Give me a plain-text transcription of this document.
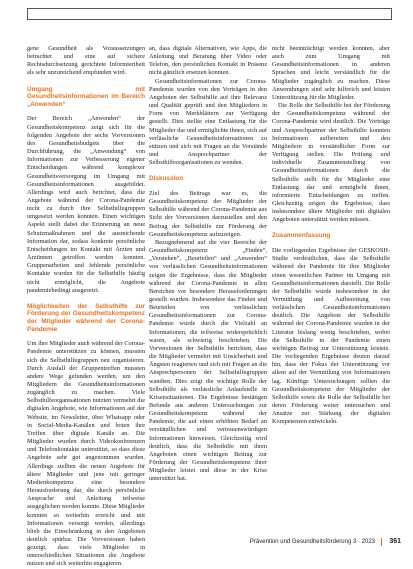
gene Gesundheit als Voraussetzungen betrachtet und eine auf sichere Rechtsdurchsetzung gerichtete Informiertheit als sehr unzureichend empfunden wird.

Umgang mit Gesundheitsinformationen im Bereich „Anwenden“

Der Bereich „Anwenden“ der Gesundheitskompetenz zeigt sich für die folgenden Angebote der sechs Vorversionen des Gesundheitsbudgets über die Durchführung, die „Anwendung“ von Informationen zur Verbesserung eigener Entscheidungen während komplexer Gesundheitsversorgung im Umgang mit Gesundheitsinformationen ausgebildet. Allerdings wird auch berichtet, dass die Angebote während der Corona-Pandemie nicht zu durch ihre Selbsthilfegruppen umgesetzt werden konnten. Einen wichtigen Aspekt stellt dabei die Erinnerung an neue Schutzmaßnahmen und die ausreichende Information dar, sodass konkrete persönliche Entscheidungen im Kontakt mit Ärzten und Ärztinnen getroffen werden konnten. Gruppenarbeiten und fehlende persönliche Kontakte wurden für die Selbsthilfe häufig nicht ermöglicht, die Angebote pandemiebedingt ausgesetzt.

Möglichkeiten der Selbsthilfe zur Förderung der Gesundheitskompetenz der Mitglieder während der Corona-Pandemie

Um ihre Mitglieder auch während der Corona-Pandemie unterstützen zu können, mussten sich die Selbsthilfegruppen neu organisieren. Durch Ausfall der Gruppentreffen mussten andere Wege gefunden werden, um den Mitgliedern die Gesundheitsinformationen zugänglich zu machen. Viele Selbsthilfeorganisationen nutzten vermehrt die digitalen Angebote, wie Informationen auf der Website, im Newsletter, über Whatsapp oder in Social-Media-Kanälen und boten ihre Treffen über digitale Kanäle an. Die Mitglieder wurden durch Videokonferenzen und Telefonkontakte unterstützt, so dass diese Angebote sehr gut angenommen wurden. Allerdings stellten die neuen Angebote für ältere Mitglieder und jene mit geringer Medienkompetenz eine besondere Herausforderung dar, die durch persönliche Ansprache und Anleitung teilweise ausgeglichen werden konnte. Diese Mitglieder konnten so weiterhin erreicht und mit Informationen versorgt werden, allerdings blieb die Einschränkung in den Angeboten deutlich spürbar. Die Vorversionen haben gezeigt, dass viele Mitglieder in unterschiedlichen Situationen die Angebote nutzen und sich weiterhin engagieren.

an, dass digitale Alternativen, wie Apps, die Anleitung und Beratung über Video oder Telefon, den persönlichen Kontakt in Präsenz nicht gänzlich ersetzen konnten.

Gesundheitsinformationen zur Corona-Pandemie wurden von den Vorträgen in den Angeboten der Selbsthilfe auf ihre Relevanz und Qualität geprüft und den Mitgliedern in Form von Merkblättern zur Verfügung gestellt. Dies stellte eine Entlastung für die Mitglieder dar und ermöglichte ihnen, sich auf verlässliche Gesundheitsinformationen zu stützen und sich mit Fragen an die Vorstände und Ansprechpartner der Selbsthilfeorganisationen zu wenden.

Diskussion

Ziel des Beitrags war es, die Gesundheitskompetenz der Mitglieder der Selbsthilfe während der Corona-Pandemie aus Sicht der Vorversionen darzustellen und den Beitrag der Selbsthilfe zur Förderung der Gesundheitskompetenz aufzuzeigen.

Bezugnehmend auf die vier Bereiche der Gesundheitskompetenz „Finden“, „Verstehen“, „Beurteilen“ und „Anwenden“ von verlässlichen Gesundheitsinformationen zeigen die Ergebnisse, dass die Mitglieder während der Corona-Pandemie in allen Bereichen vor besondere Herausforderungen gestellt wurden. Insbesondere das Finden und Beurteilen von verlässlichen Gesundheitsinformationen zur Corona-Pandemie wurde durch die Vielzahl an Informationen, die teilweise widersprüchlich waren, als schwierig beschrieben. Die Vorversionen der Selbsthilfe berichten, dass die Mitglieder vermehrt mit Unsicherheit und Ängsten reagierten und sich mit Fragen an die Ansprechpersonen der Selbsthilfegruppen wandten. Dies zeigt die wichtige Rolle der Selbsthilfe als verlässliche Anlaufstelle in Krisensituationen. Die Ergebnisse bestätigen Befunde aus anderen Untersuchungen zur Gesundheitskompetenz während der Pandemie, die auf einen erhöhten Bedarf an verständlichen und vertrauenswürdigen Informationen hinweisen. Gleichzeitig wird deutlich, dass die Selbsthilfe mit ihren Angeboten einen wichtigen Beitrag zur Förderung der Gesundheitskompetenz ihrer Mitglieder leistet und diese in der Krise unterstützt hat.

nicht beeinträchtigt werden konnten, aber auch zum Umgang mit Gesundheitsinformationen in anderen Sprachen und leicht verständlich für die Mitglieder zugänglich zu machen. Diese Anwendungen sind sehr hilfreich und leisten Unterstützung für die Mitglieder.

Die Rolle der Selbsthilfe bei der Förderung der Gesundheitskompetenz während der Corona-Pandemie wird deutlich. Die Vorträge und Ansprechpartner der Selbsthilfe konnten Informationen aufbereiten und den Mitgliedern in verständlicher Form zur Verfügung stellen. Die Prüfung und individuelle Zusammenstellung von Gesundheitsinformationen durch die Selbsthilfe stellt für die Mitglieder eine Entlastung dar und ermöglicht ihnen, informierte Entscheidungen zu treffen. Gleichzeitig zeigen die Ergebnisse, dass insbesondere ältere Mitglieder mit digitalen Angeboten unterstützt werden müssen.

Zusammenfassung

Die vorliegenden Ergebnisse der GESKOSH-Studie verdeutlichen, dass die Selbsthilfe während der Pandemie für ihre Mitglieder einen wesentlichen Partner im Umgang mit Gesundheitsinformationen darstellt. Die Rolle der Selbsthilfe wurde insbesondere in der Vermittlung und Aufbereitung von verlässlichen Gesundheitsinformationen deutlich. Die Angebote der Selbsthilfe während der Corona-Pandemie wurden in der Literatur bislang wenig beschrieben, wobei die Selbsthilfe in der Pandemie einen wichtigen Beitrag zur Unterstützung leistete. Die vorliegenden Ergebnisse deuten darauf hin, dass der Fokus der Unterstützung vor allem auf der Vermittlung von Informationen lag. Künftige Untersuchungen sollten die Gesundheitskompetenz der Mitglieder der Selbsthilfe sowie die Rolle der Selbsthilfe bei deren Förderung weiter untersuchen und Ansätze zur Stärkung der digitalen Kompetenzen entwickeln.

Prävention und Gesundheitsförderung 3 · 2023 361
